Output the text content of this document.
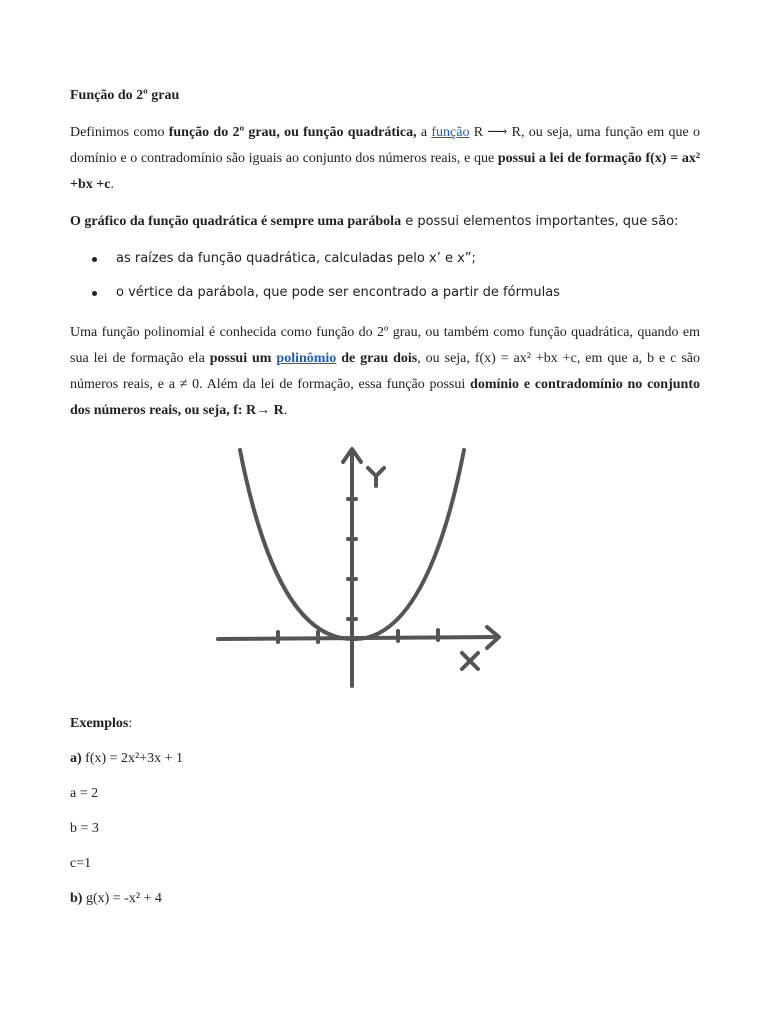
Função do 2º grau

Definimos como função do 2º grau, ou função quadrática, a função R ⟶ R, ou seja, uma função em que o domínio e o contradomínio são iguais ao conjunto dos números reais, e que possui a lei de formação f(x) = ax² +bx +c.

O gráfico da função quadrática é sempre uma parábola e possui elementos importantes, que são:

as raízes da função quadrática, calculadas pelo x’ e x”;
o vértice da parábola, que pode ser encontrado a partir de fórmulas

Uma função polinomial é conhecida como função do 2º grau, ou também como função quadrática, quando em sua lei de formação ela possui um polinômio de grau dois, ou seja, f(x) = ax² +bx +c, em que a, b e c são números reais, e a ≠ 0. Além da lei de formação, essa função possui domínio e contradomínio no conjunto dos números reais, ou seja, f: R→ R.

Exemplos:

a) f(x) = 2x²+3x + 1

a = 2

b = 3

c=1

b) g(x) = -x² + 4
